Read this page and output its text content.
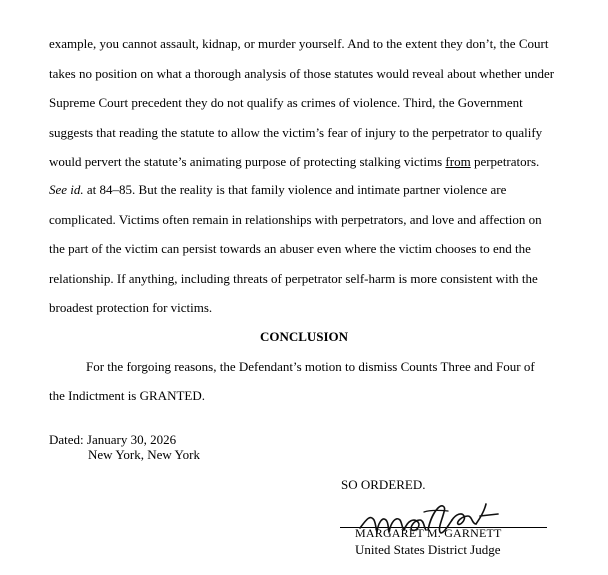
example, you cannot assault, kidnap, or murder yourself. And to the extent they don’t, the Court
takes no position on what a thorough analysis of those statutes would reveal about whether under
Supreme Court precedent they do not qualify as crimes of violence. Third, the Government
suggests that reading the statute to allow the victim’s fear of injury to the perpetrator to qualify
would pervert the statute’s animating purpose of protecting stalking victims from perpetrators.
See id. at 84–85. But the reality is that family violence and intimate partner violence are
complicated. Victims often remain in relationships with perpetrators, and love and affection on
the part of the victim can persist towards an abuser even where the victim chooses to end the
relationship. If anything, including threats of perpetrator self-harm is more consistent with the
broadest protection for victims.
CONCLUSION
For the forgoing reasons, the Defendant’s motion to dismiss Counts Three and Four of
the Indictment is GRANTED.
Dated: January 30, 2026
New York, New York
SO ORDERED.
MARGARET M. GARNETT
United States District Judge
